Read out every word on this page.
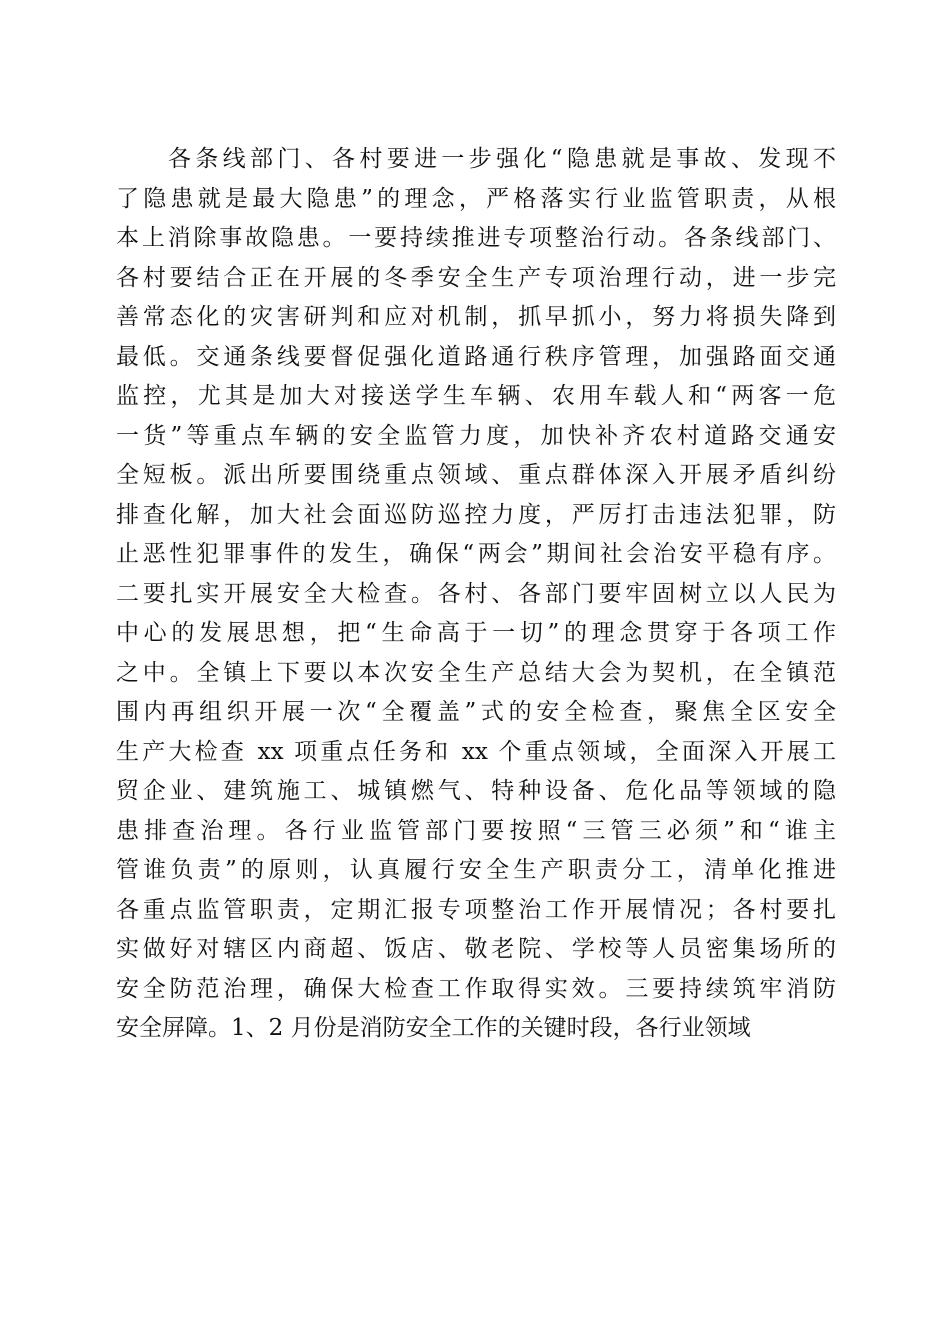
各条线部门、各村要进一步强化“隐患就是事故、发现不
了隐患就是最大隐患”的理念，严格落实行业监管职责，从根
本上消除事故隐患。一要持续推进专项整治行动。各条线部门、
各村要结合正在开展的冬季安全生产专项治理行动，进一步完
善常态化的灾害研判和应对机制，抓早抓小，努力将损失降到
最低。交通条线要督促强化道路通行秩序管理，加强路面交通
监控，尤其是加大对接送学生车辆、农用车载人和“两客一危
一货”等重点车辆的安全监管力度，加快补齐农村道路交通安
全短板。派出所要围绕重点领域、重点群体深入开展矛盾纠纷
排查化解，加大社会面巡防巡控力度，严厉打击违法犯罪，防
止恶性犯罪事件的发生，确保“两会”期间社会治安平稳有序。
二要扎实开展安全大检查。各村、各部门要牢固树立以人民为
中心的发展思想，把“生命高于一切”的理念贯穿于各项工作
之中。全镇上下要以本次安全生产总结大会为契机，在全镇范
围内再组织开展一次“全覆盖”式的安全检查，聚焦全区安全
生产大检查 xx 项重点任务和 xx 个重点领域，全面深入开展工
贸企业、建筑施工、城镇燃气、特种设备、危化品等领域的隐
患排查治理。各行业监管部门要按照“三管三必须”和“谁主
管谁负责”的原则，认真履行安全生产职责分工，清单化推进
各重点监管职责，定期汇报专项整治工作开展情况；各村要扎
实做好对辖区内商超、饭店、敬老院、学校等人员密集场所的
安全防范治理，确保大检查工作取得实效。三要持续筑牢消防
安全屏障。1、2 月份是消防安全工作的关键时段，各行业领域
